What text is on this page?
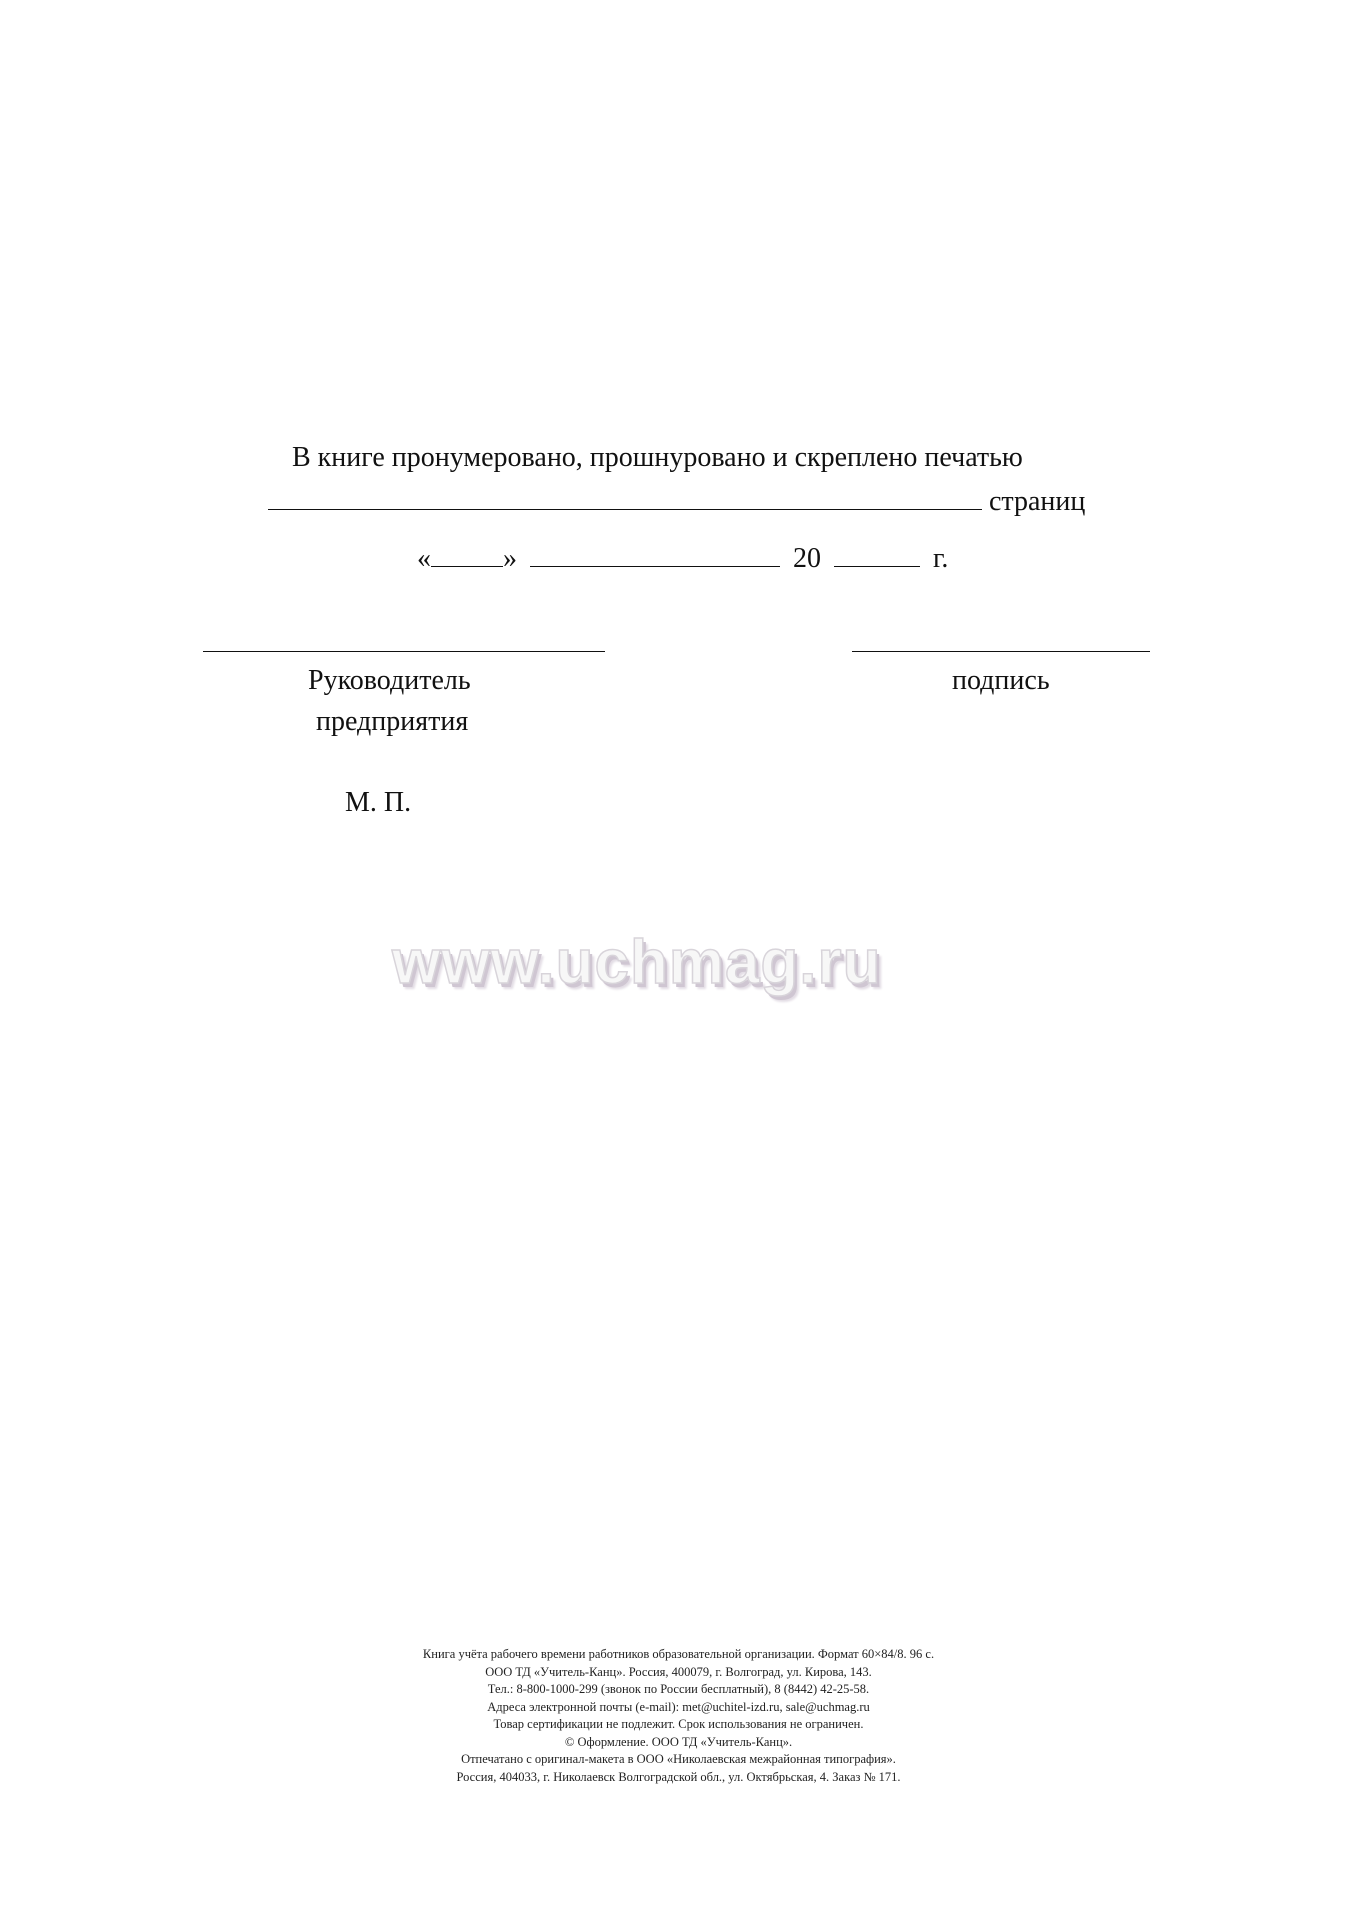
В книге пронумеровано, прошнуровано и скреплено печатью
страниц
«	»	20	г.
Руководитель
предприятия
подпись
М. П.
www.uchmag.ru
Книга учёта рабочего времени работников образовательной организации. Формат 60×84/8. 96 с.
ООО ТД «Учитель-Канц». Россия, 400079, г. Волгоград, ул. Кирова, 143.
Тел.: 8-800-1000-299 (звонок по России бесплатный), 8 (8442) 42-25-58.
Адреса электронной почты (e-mail): met@uchitel-izd.ru, sale@uchmag.ru
Товар сертификации не подлежит. Срок использования не ограничен.
© Оформление. ООО ТД «Учитель-Канц».
Отпечатано с оригинал-макета в ООО «Николаевская межрайонная типография».
Россия, 404033, г. Николаевск Волгоградской обл., ул. Октябрьская, 4. Заказ № 171.
